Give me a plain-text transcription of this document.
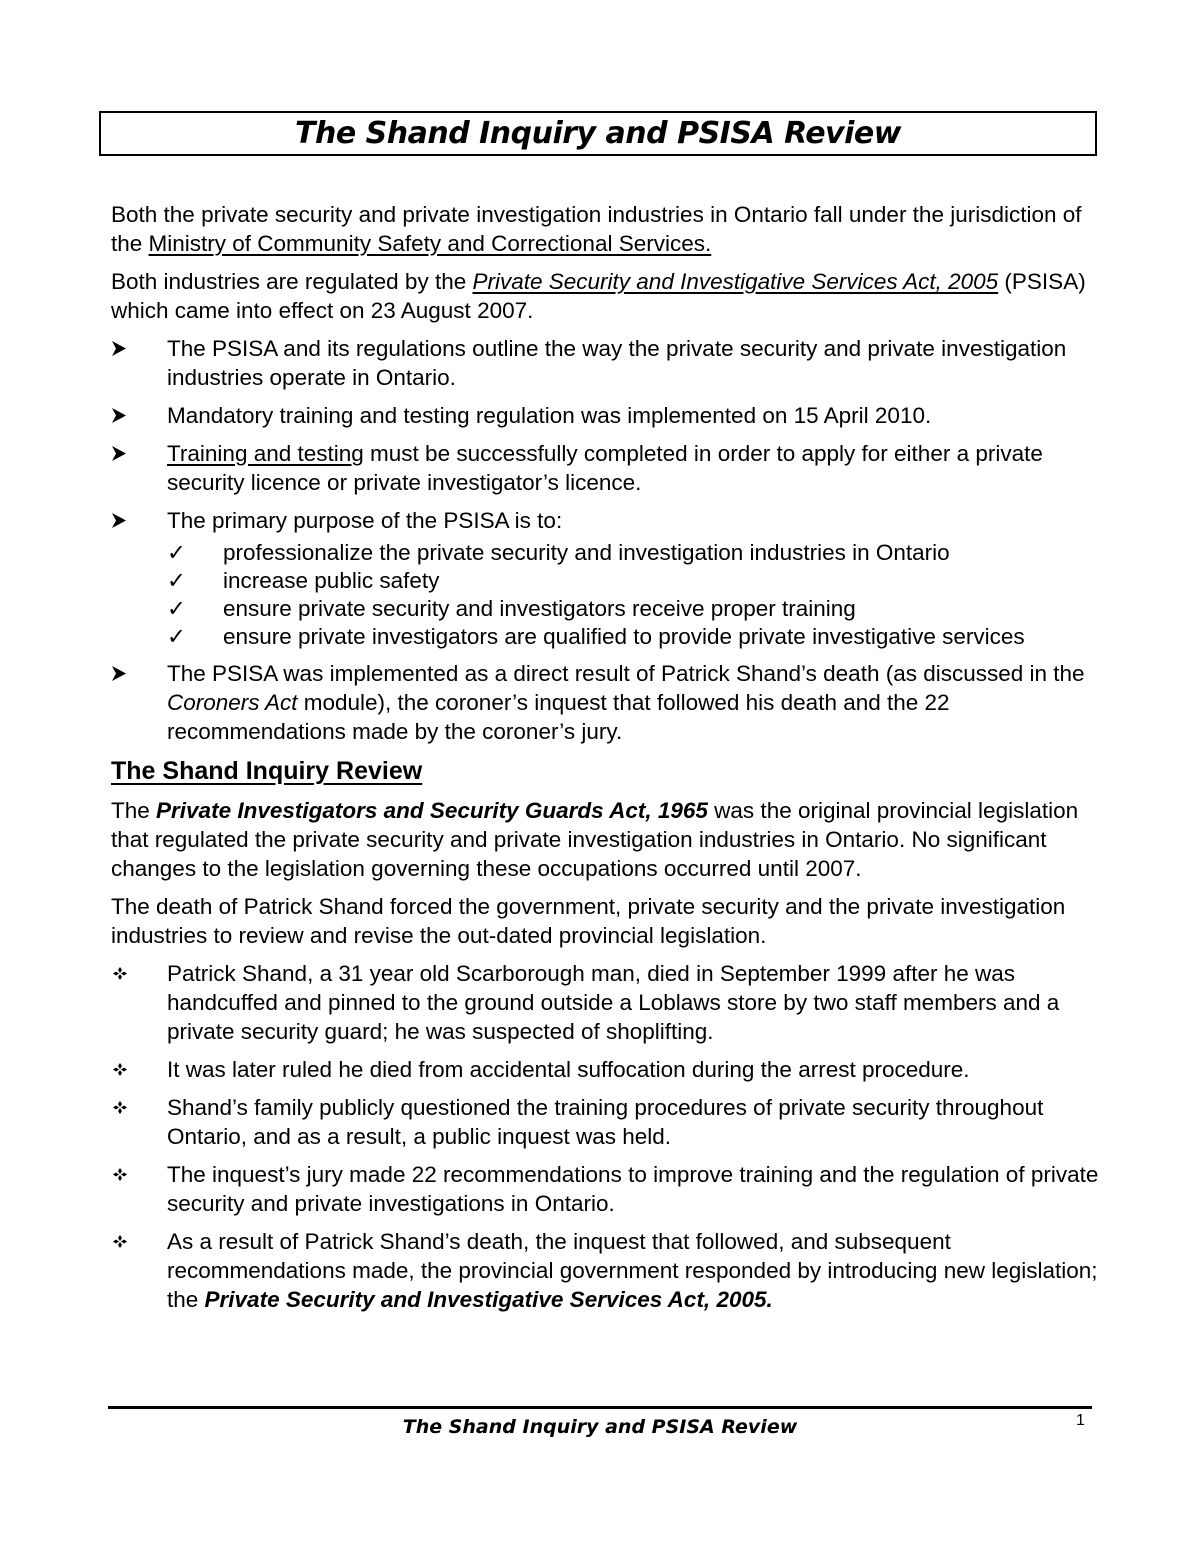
The Shand Inquiry and PSISA Review

Both the private security and private investigation industries in Ontario fall under the jurisdiction of the Ministry of Community Safety and Correctional Services.

Both industries are regulated by the Private Security and Investigative Services Act, 2005 (PSISA) which came into effect on 23 August 2007.

The PSISA and its regulations outline the way the private security and private investigation industries operate in Ontario.
Mandatory training and testing regulation was implemented on 15 April 2010.
Training and testing must be successfully completed in order to apply for either a private security licence or private investigator’s licence.
The primary purpose of the PSISA is to:
✓ professionalize the private security and investigation industries in Ontario
✓ increase public safety
✓ ensure private security and investigators receive proper training
✓ ensure private investigators are qualified to provide private investigative services
The PSISA was implemented as a direct result of Patrick Shand’s death (as discussed in the Coroners Act module), the coroner’s inquest that followed his death and the 22 recommendations made by the coroner’s jury.
The Shand Inquiry Review

The Private Investigators and Security Guards Act, 1965 was the original provincial legislation that regulated the private security and private investigation industries in Ontario. No significant changes to the legislation governing these occupations occurred until 2007.

The death of Patrick Shand forced the government, private security and the private investigation industries to review and revise the out-dated provincial legislation.

Patrick Shand, a 31 year old Scarborough man, died in September 1999 after he was handcuffed and pinned to the ground outside a Loblaws store by two staff members and a private security guard; he was suspected of shoplifting.
It was later ruled he died from accidental suffocation during the arrest procedure.
Shand’s family publicly questioned the training procedures of private security throughout Ontario, and as a result, a public inquest was held.
The inquest’s jury made 22 recommendations to improve training and the regulation of private security and private investigations in Ontario.
As a result of Patrick Shand’s death, the inquest that followed, and subsequent recommendations made, the provincial government responded by introducing new legislation; the Private Security and Investigative Services Act, 2005.
The Shand Inquiry and PSISA Review	1
